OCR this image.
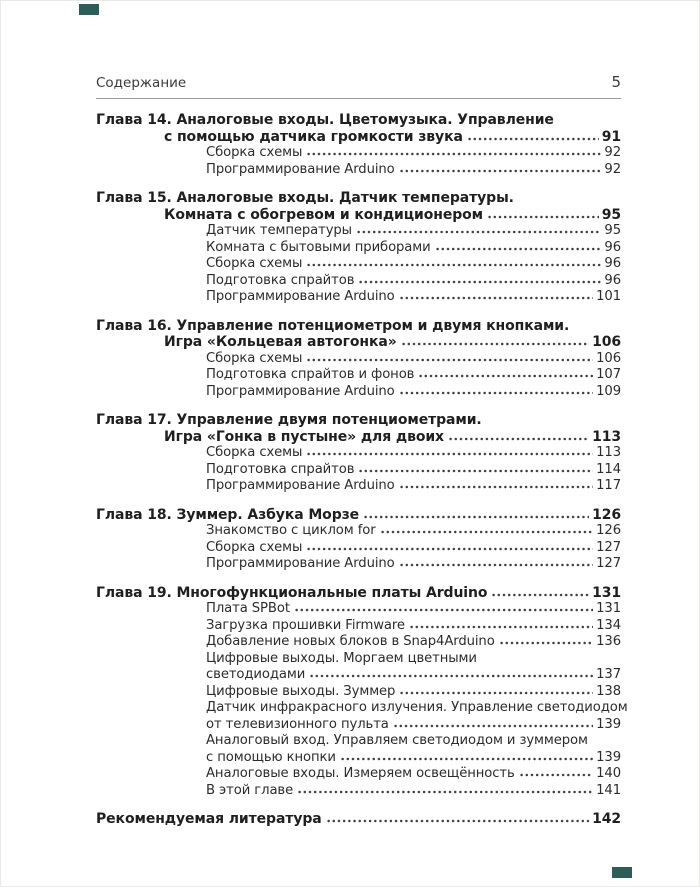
Содержание	5
Глава 14. Аналоговые входы. Цветомузыка. Управление
с помощью датчика громкости звука	91
Сборка схемы	92
Программирование Arduino	92
Глава 15. Аналоговые входы. Датчик температуры.
Комната с обогревом и кондиционером	95
Датчик температуры	95
Комната с бытовыми приборами	96
Сборка схемы	96
Подготовка спрайтов	96
Программирование Arduino	101
Глава 16. Управление потенциометром и двумя кнопками.
Игра «Кольцевая автогонка»	106
Сборка схемы	106
Подготовка спрайтов и фонов	107
Программирование Arduino	109
Глава 17. Управление двумя потенциометрами.
Игра «Гонка в пустыне» для двоих	113
Сборка схемы	113
Подготовка спрайтов	114
Программирование Arduino	117
Глава 18. Зуммер. Азбука Морзе	126
Знакомство с циклом for	126
Сборка схемы	127
Программирование Arduino	127
Глава 19. Многофункциональные платы Arduino	131
Плата SPBot	131
Загрузка прошивки Firmware	134
Добавление новых блоков в Snap4Arduino	136
Цифровые выходы. Моргаем цветными
светодиодами	137
Цифровые выходы. Зуммер	138
Датчик инфракрасного излучения. Управление светодиодом
от телевизионного пульта	139
Аналоговый вход. Управляем светодиодом и зуммером
с помощью кнопки	139
Аналоговые входы. Измеряем освещённость	140
В этой главе	141
Рекомендуемая литература	142
